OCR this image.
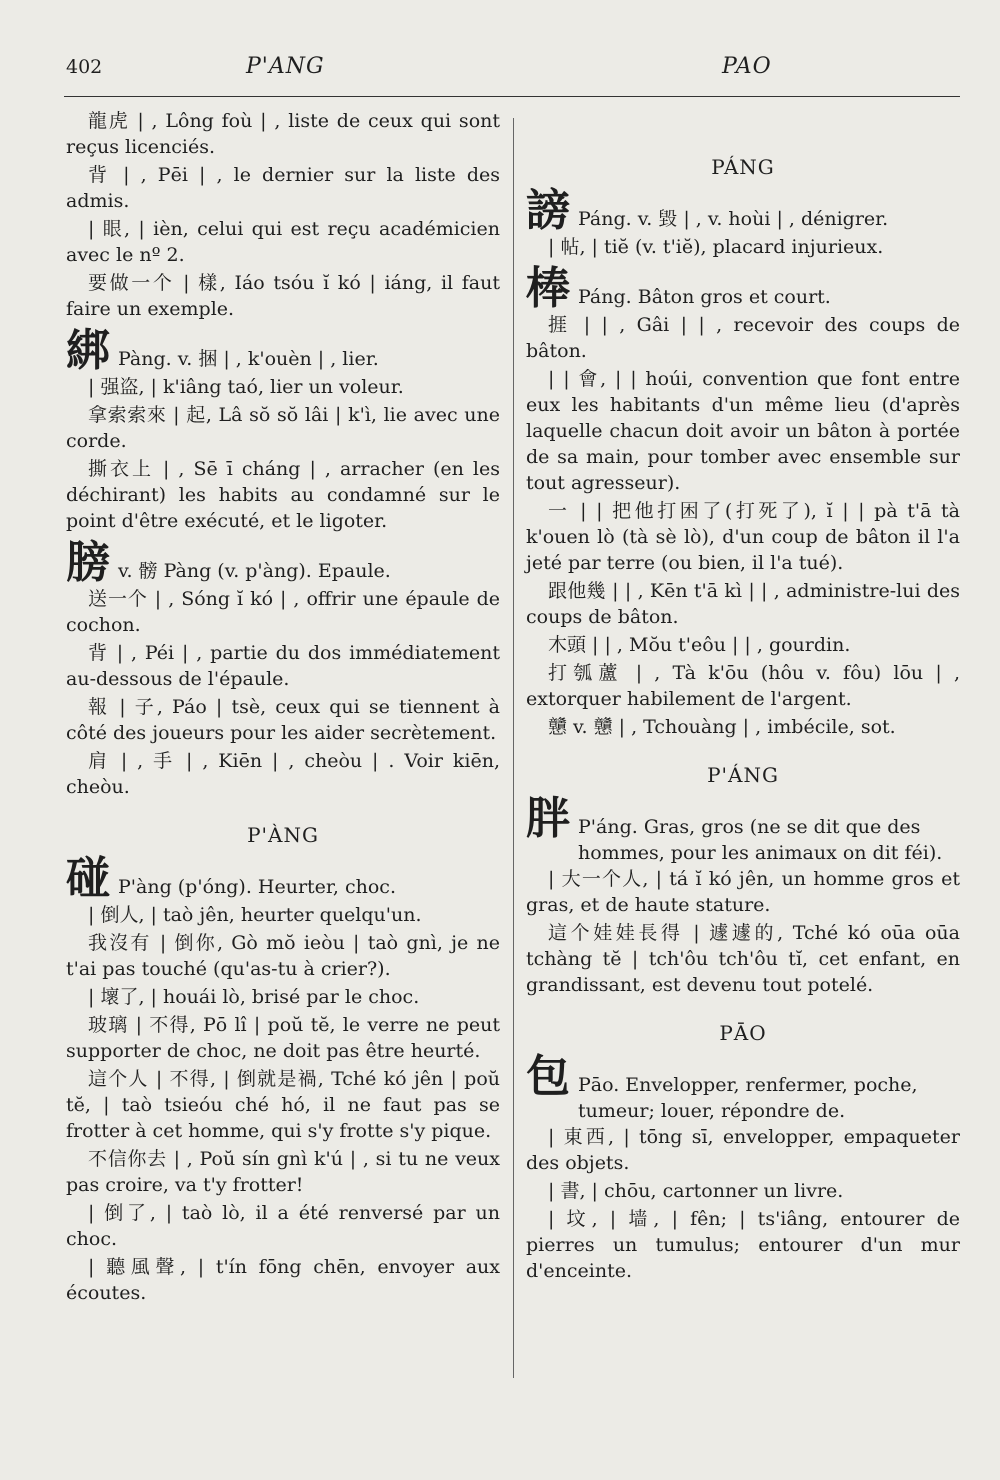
402	P'ANG	PAO

龍虎 | , Lông foù | , liste de ceux qui sont reçus licenciés.

背 | , Pēi | , le dernier sur la liste des admis.

| 眼, | ièn, celui qui est reçu académicien avec le nº 2.

要做一个 | 樣, Iáo tsóu ĭ kó | iáng, il faut faire un exemple.

綁 Pàng. v. 捆 | , k'ouèn | , lier.

| 强盗, | k'iâng taó, lier un voleur.

拿索索來 | 起, Lâ sŏ sŏ lâi | k'ì, lie avec une corde.

撕衣上 | , Sē ī cháng | , arracher (en les déchirant) les habits au condamné sur le point d'être exécuté, et le ligoter.

膀 v. 髈 Pàng (v. p'àng). Epaule.

送一个 | , Sóng ĭ kó | , offrir une épaule de cochon.

背 | , Péi | , partie du dos immédiatement au-dessous de l'épaule.

報 | 子, Páo | tsè, ceux qui se tiennent à côté des joueurs pour les aider secrètement.

肩 | , 手 | , Kiēn | , cheòu | . Voir kiēn, cheòu.

P'ÀNG
碰 P'àng (p'óng). Heurter, choc.

| 倒人, | taò jên, heurter quelqu'un.

我沒有 | 倒你, Gò mŏ ieòu | taò gnì, je ne t'ai pas touché (qu'as-tu à crier?).

| 壞了, | houái lò, brisé par le choc.

玻璃 | 不得, Pō lî | poŭ tĕ, le verre ne peut supporter de choc, ne doit pas être heurté.

這个人 | 不得, | 倒就是禍, Tché kó jên | poŭ tĕ, | taò tsieóu ché hó, il ne faut pas se frotter à cet homme, qui s'y frotte s'y pique.

不信你去 | , Poŭ sín gnì k'ú | , si tu ne veux pas croire, va t'y frotter!

| 倒了, | taò lò, il a été renversé par un choc.

| 聽風聲, | t'ín fōng chēn, envoyer aux écoutes.

PÁNG
謗 Páng. v. 毀 | , v. hoùi | , dénigrer.

| 帖, | tiĕ (v. t'iĕ), placard injurieux.

棒 Páng. Bâton gros et court.

捱 | | , Gâi | | , recevoir des coups de bâton.

| | 會, | | hoúi, convention que font entre eux les habitants d'un même lieu (d'après laquelle chacun doit avoir un bâton à portée de sa main, pour tomber avec ensemble sur tout agresseur).

一 | | 把他打困了(打死了), ĭ | | pà t'ā tà k'ouen lò (tà sè lò), d'un coup de bâton il l'a jeté par terre (ou bien, il l'a tué).

跟他幾 | | , Kēn t'ā kì | | , administre-lui des coups de bâton.

木頭 | | , Mŏu t'eôu | | , gourdin.

打瓠蘆 | , Tà k'ōu (hôu v. fôu) lōu | , extorquer habilement de l'argent.

戇 v. 戇 | , Tchouàng | , imbécile, sot.

P'ÁNG
胖 P'áng. Gras, gros (ne se dit que des hommes, pour les animaux on dit féi).

| 大一个人, | tá ĭ kó jên, un homme gros et gras, et de haute stature.

這个娃娃長得 | 遽遽的, Tché kó oūa oūa tchàng tĕ | tch'ôu tch'ôu tĭ, cet enfant, en grandissant, est devenu tout potelé.

PĀO
包 Pāo. Envelopper, renfermer, poche, tumeur; louer, répondre de.

| 東西, | tōng sī, envelopper, empaqueter des objets.

| 書, | chōu, cartonner un livre.

| 坟, | 墙, | fên; | ts'iâng, entourer de pierres un tumulus; entourer d'un mur d'enceinte.
